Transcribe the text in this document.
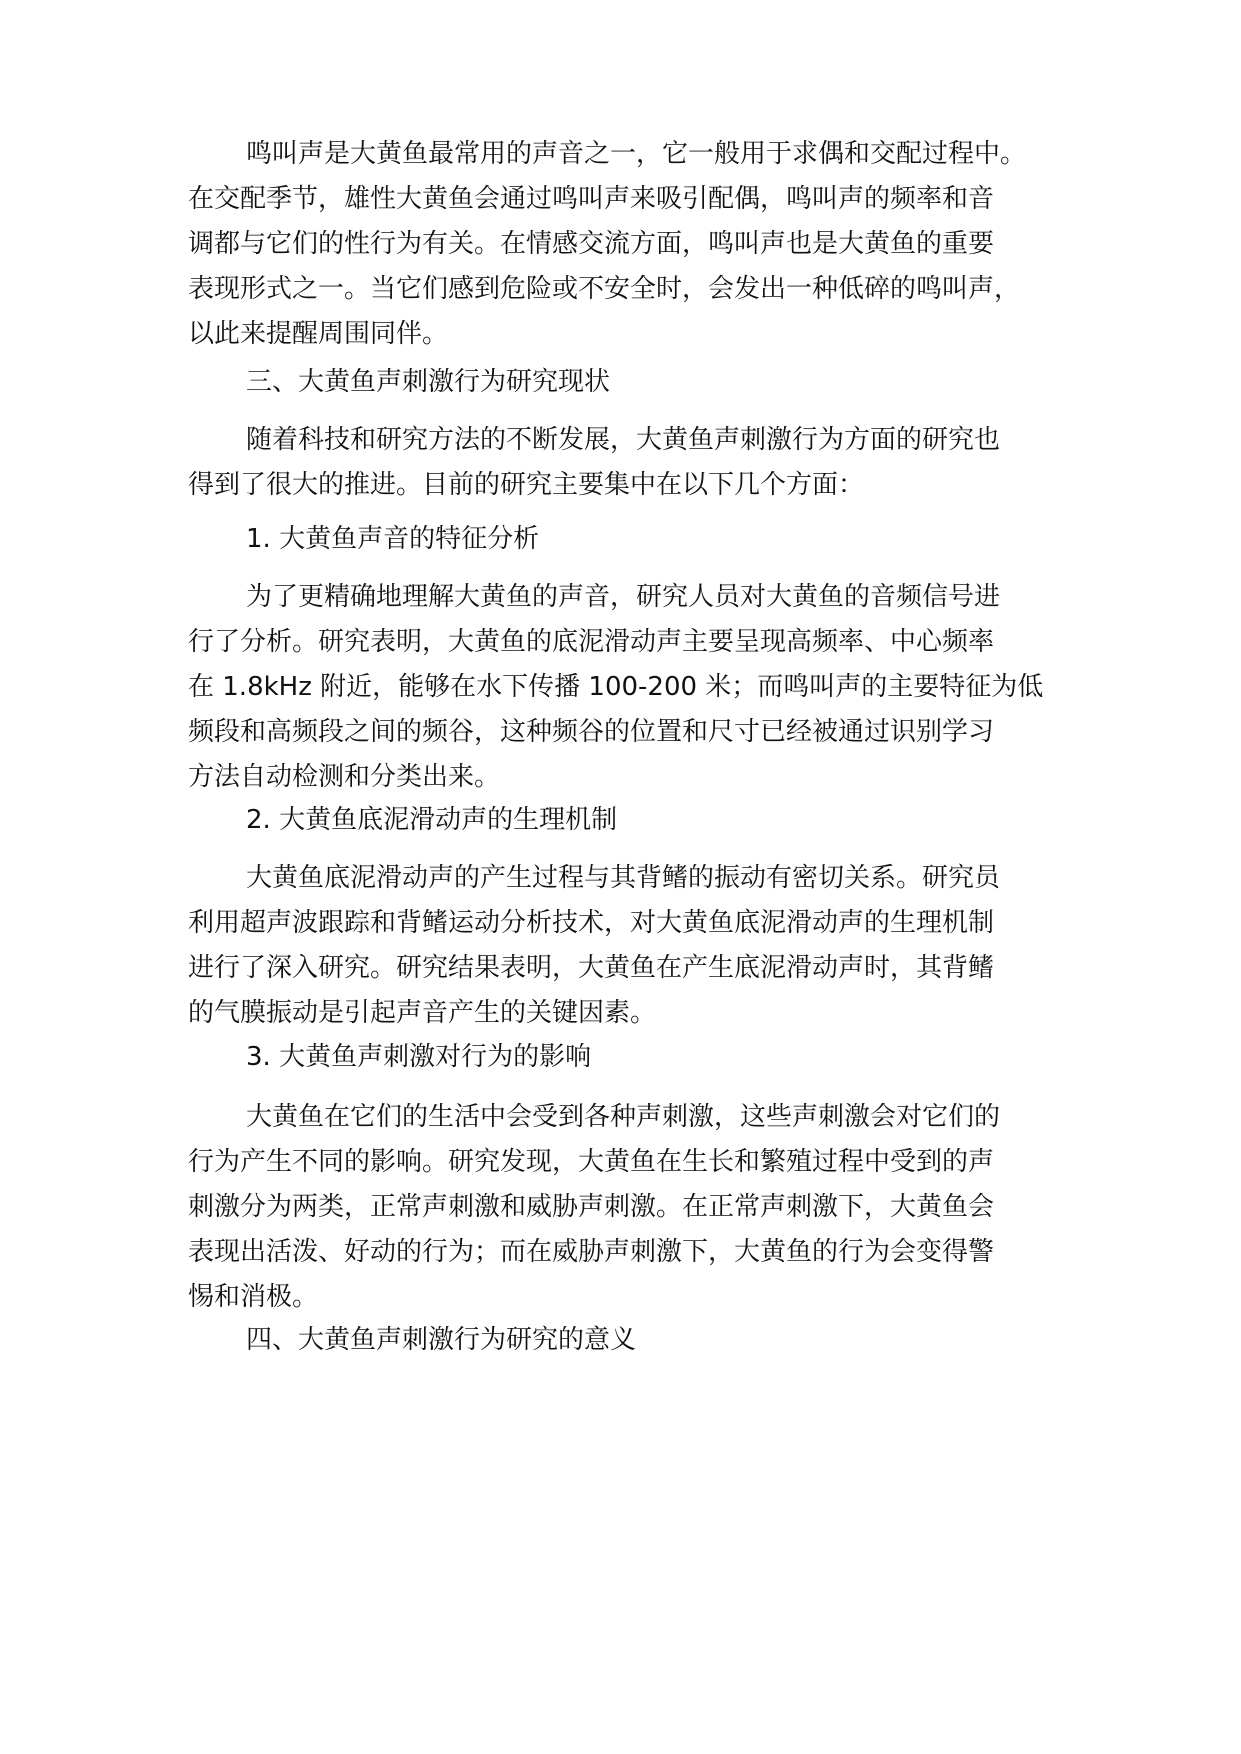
鸣叫声是大黄鱼最常用的声音之一，它一般用于求偶和交配过程中。
在交配季节，雄性大黄鱼会通过鸣叫声来吸引配偶，鸣叫声的频率和音
调都与它们的性行为有关。在情感交流方面，鸣叫声也是大黄鱼的重要
表现形式之一。当它们感到危险或不安全时，会发出一种低碎的鸣叫声，
以此来提醒周围同伴。

三、大黄鱼声刺激行为研究现状

随着科技和研究方法的不断发展，大黄鱼声刺激行为方面的研究也
得到了很大的推进。目前的研究主要集中在以下几个方面：

1. 大黄鱼声音的特征分析

为了更精确地理解大黄鱼的声音，研究人员对大黄鱼的音频信号进
行了分析。研究表明，大黄鱼的底泥滑动声主要呈现高频率、中心频率
在 1.8kHz 附近，能够在水下传播 100-200 米；而鸣叫声的主要特征为低
频段和高频段之间的频谷，这种频谷的位置和尺寸已经被通过识别学习
方法自动检测和分类出来。

2. 大黄鱼底泥滑动声的生理机制

大黄鱼底泥滑动声的产生过程与其背鳍的振动有密切关系。研究员
利用超声波跟踪和背鳍运动分析技术，对大黄鱼底泥滑动声的生理机制
进行了深入研究。研究结果表明，大黄鱼在产生底泥滑动声时，其背鳍
的气膜振动是引起声音产生的关键因素。

3. 大黄鱼声刺激对行为的影响

大黄鱼在它们的生活中会受到各种声刺激，这些声刺激会对它们的
行为产生不同的影响。研究发现，大黄鱼在生长和繁殖过程中受到的声
刺激分为两类，正常声刺激和威胁声刺激。在正常声刺激下，大黄鱼会
表现出活泼、好动的行为；而在威胁声刺激下，大黄鱼的行为会变得警
惕和消极。

四、大黄鱼声刺激行为研究的意义
